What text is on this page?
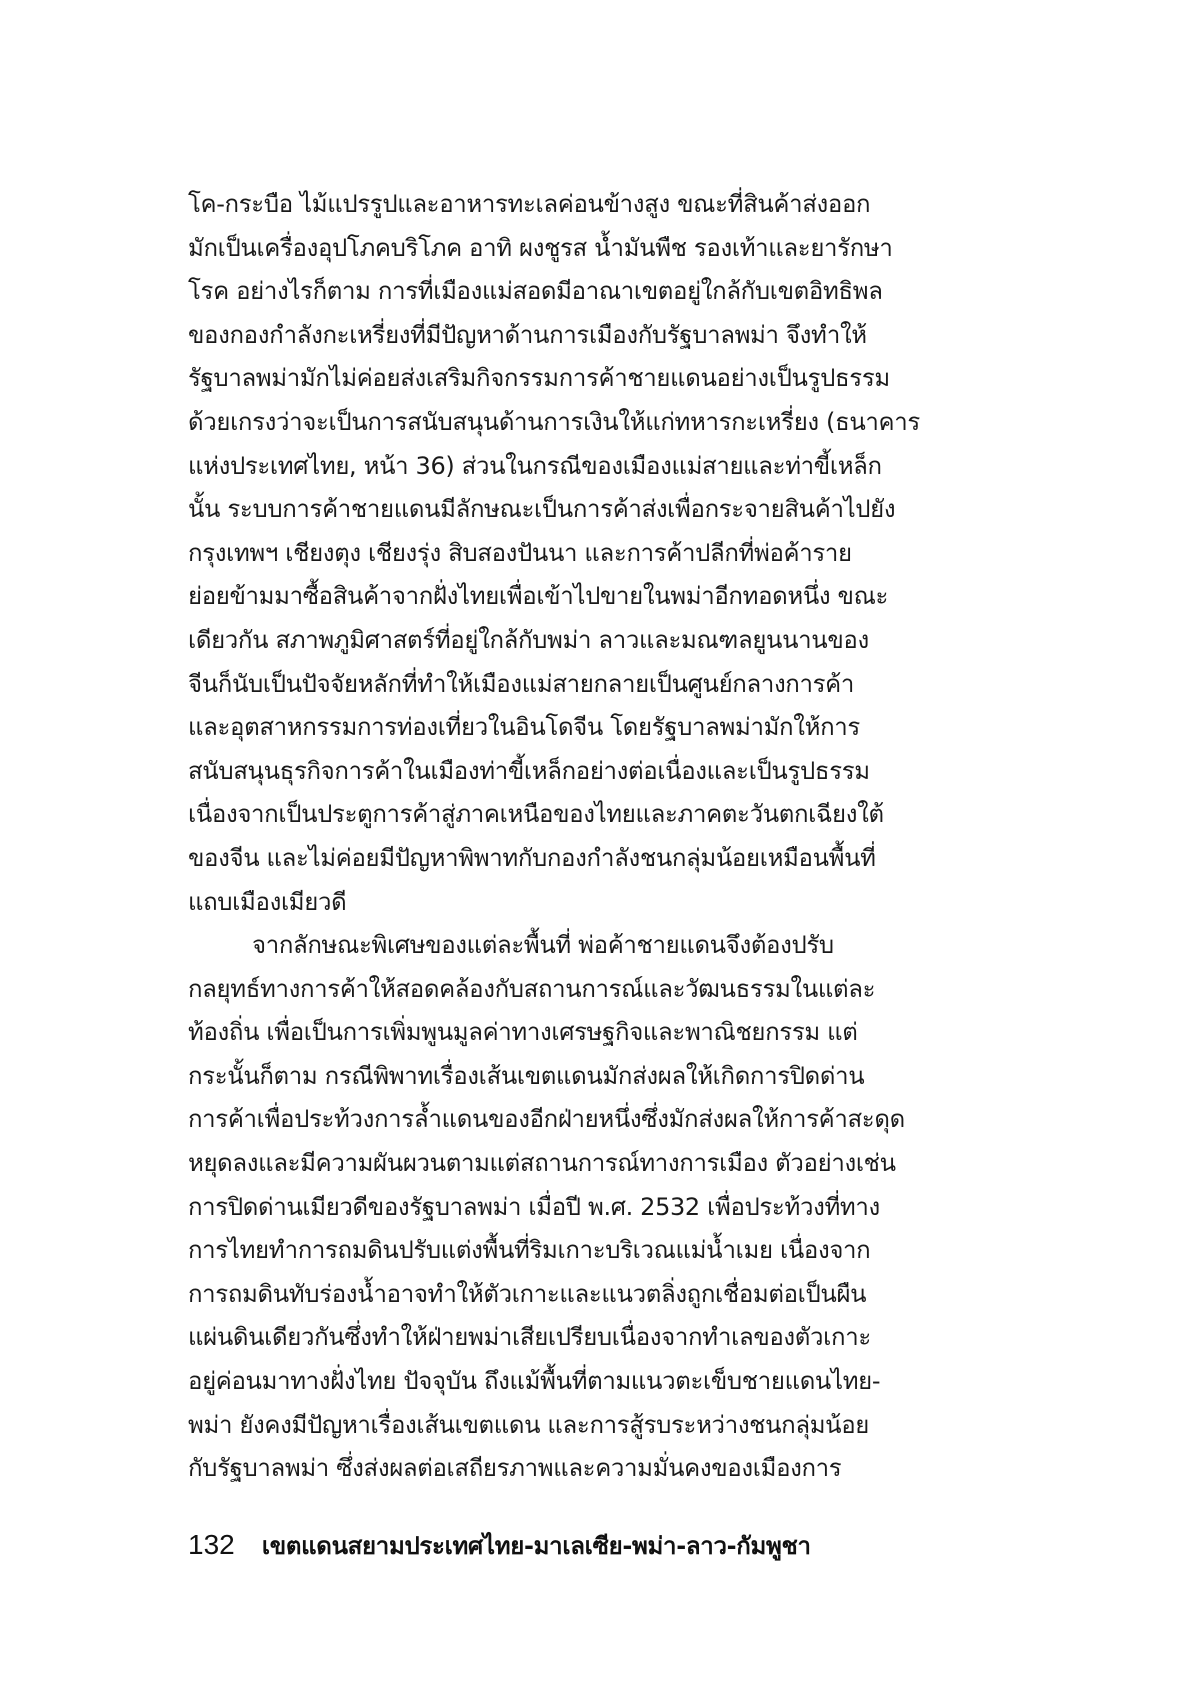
โค-กระบือ ไม้แปรรูปและอาหารทะเลค่อนข้างสูง ขณะที่สินค้าส่งออก
มักเป็นเครื่องอุปโภคบริโภค อาทิ ผงชูรส น้ำมันพืช รองเท้าและยารักษา
โรค อย่างไรก็ตาม การที่เมืองแม่สอดมีอาณาเขตอยู่ใกล้กับเขตอิทธิพล
ของกองกำลังกะเหรี่ยงที่มีปัญหาด้านการเมืองกับรัฐบาลพม่า จึงทำให้
รัฐบาลพม่ามักไม่ค่อยส่งเสริมกิจกรรมการค้าชายแดนอย่างเป็นรูปธรรม
ด้วยเกรงว่าจะเป็นการสนับสนุนด้านการเงินให้แก่ทหารกะเหรี่ยง (ธนาคาร
แห่งประเทศไทย, หน้า 36) ส่วนในกรณีของเมืองแม่สายและท่าขี้เหล็ก
นั้น ระบบการค้าชายแดนมีลักษณะเป็นการค้าส่งเพื่อกระจายสินค้าไปยัง
กรุงเทพฯ เชียงตุง เชียงรุ่ง สิบสองปันนา และการค้าปลีกที่พ่อค้าราย
ย่อยข้ามมาซื้อสินค้าจากฝั่งไทยเพื่อเข้าไปขายในพม่าอีกทอดหนึ่ง ขณะ
เดียวกัน สภาพภูมิศาสตร์ที่อยู่ใกล้กับพม่า ลาวและมณฑลยูนนานของ
จีนก็นับเป็นปัจจัยหลักที่ทำให้เมืองแม่สายกลายเป็นศูนย์กลางการค้า
และอุตสาหกรรมการท่องเที่ยวในอินโดจีน โดยรัฐบาลพม่ามักให้การ
สนับสนุนธุรกิจการค้าในเมืองท่าขี้เหล็กอย่างต่อเนื่องและเป็นรูปธรรม
เนื่องจากเป็นประตูการค้าสู่ภาคเหนือของไทยและภาคตะวันตกเฉียงใต้
ของจีน และไม่ค่อยมีปัญหาพิพาทกับกองกำลังชนกลุ่มน้อยเหมือนพื้นที่
แถบเมืองเมียวดี
จากลักษณะพิเศษของแต่ละพื้นที่ พ่อค้าชายแดนจึงต้องปรับ
กลยุทธ์ทางการค้าให้สอดคล้องกับสถานการณ์และวัฒนธรรมในแต่ละ
ท้องถิ่น เพื่อเป็นการเพิ่มพูนมูลค่าทางเศรษฐกิจและพาณิชยกรรม แต่
กระนั้นก็ตาม กรณีพิพาทเรื่องเส้นเขตแดนมักส่งผลให้เกิดการปิดด่าน
การค้าเพื่อประท้วงการล้ำแดนของอีกฝ่ายหนึ่งซึ่งมักส่งผลให้การค้าสะดุด
หยุดลงและมีความผันผวนตามแต่สถานการณ์ทางการเมือง ตัวอย่างเช่น
การปิดด่านเมียวดีของรัฐบาลพม่า เมื่อปี พ.ศ. 2532 เพื่อประท้วงที่ทาง
การไทยทำการถมดินปรับแต่งพื้นที่ริมเกาะบริเวณแม่น้ำเมย เนื่องจาก
การถมดินทับร่องน้ำอาจทำให้ตัวเกาะและแนวตลิ่งถูกเชื่อมต่อเป็นผืน
แผ่นดินเดียวกันซึ่งทำให้ฝ่ายพม่าเสียเปรียบเนื่องจากทำเลของตัวเกาะ
อยู่ค่อนมาทางฝั่งไทย ปัจจุบัน ถึงแม้พื้นที่ตามแนวตะเข็บชายแดนไทย-
พม่า ยังคงมีปัญหาเรื่องเส้นเขตแดน และการสู้รบระหว่างชนกลุ่มน้อย
กับรัฐบาลพม่า ซึ่งส่งผลต่อเสถียรภาพและความมั่นคงของเมืองการ
132 เขตแดนสยามประเทศไทย-มาเลเซีย-พม่า-ลาว-กัมพูชา
